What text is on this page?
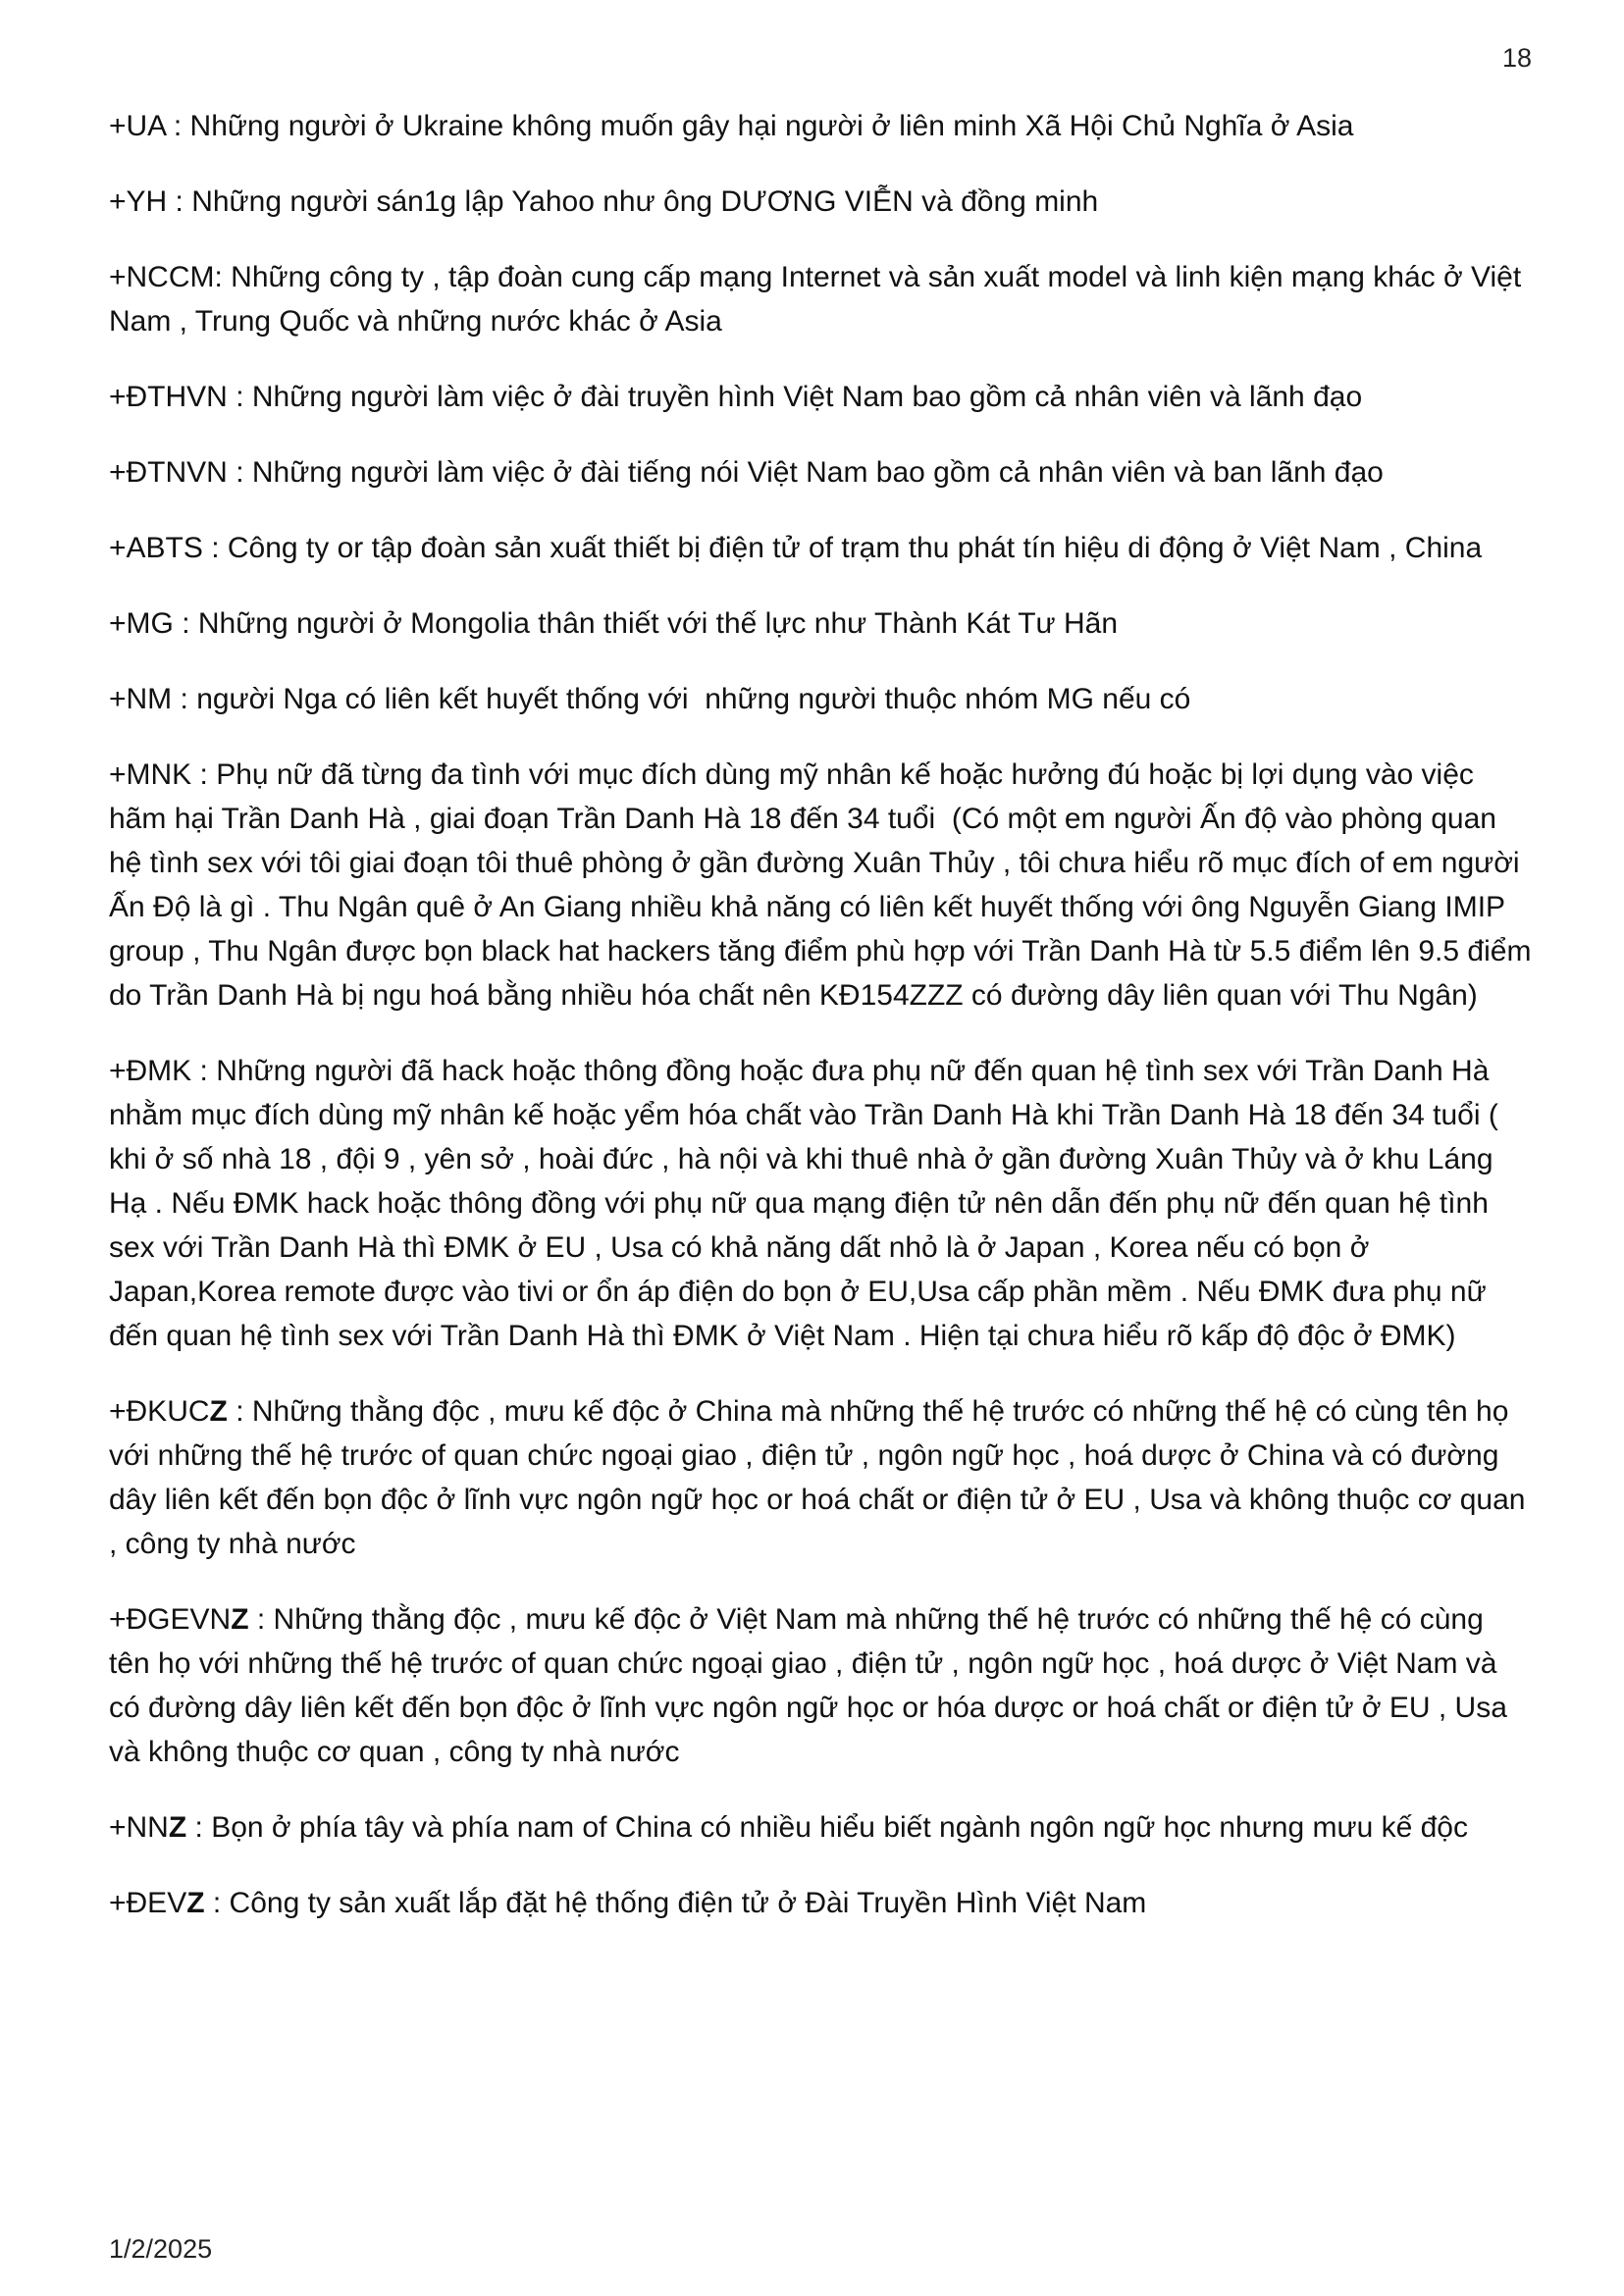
18

+UA : Những người ở Ukraine không muốn gây hại người ở liên minh Xã Hội Chủ Nghĩa ở Asia

+YH : Những người sán1g lập Yahoo như ông DƯƠNG VIỄN và đồng minh

+NCCM: Những công ty , tập đoàn cung cấp mạng Internet và sản xuất model và linh kiện mạng khác ở Việt Nam , Trung Quốc và những nước khác ở Asia

+ĐTHVN : Những người làm việc ở đài truyền hình Việt Nam bao gồm cả nhân viên và lãnh đạo

+ĐTNVN : Những người làm việc ở đài tiếng nói Việt Nam bao gồm cả nhân viên và ban lãnh đạo

+ABTS : Công ty or tập đoàn sản xuất thiết bị điện tử of trạm thu phát tín hiệu di động ở Việt Nam , China

+MG : Những người ở Mongolia thân thiết với thế lực như Thành Kát Tư Hãn

+NM : người Nga có liên kết huyết thống với  những người thuộc nhóm MG nếu có

+MNK : Phụ nữ đã từng đa tình với mục đích dùng mỹ nhân kế hoặc hưởng đú hoặc bị lợi dụng vào việc hãm hại Trần Danh Hà , giai đoạn Trần Danh Hà 18 đến 34 tuổi  (Có một em người Ấn độ vào phòng quan hệ tình sex với tôi giai đoạn tôi thuê phòng ở gần đường Xuân Thủy , tôi chưa hiểu rõ mục đích of em người Ấn Độ là gì . Thu Ngân quê ở An Giang nhiều khả năng có liên kết huyết thống với ông Nguyễn Giang IMIP group , Thu Ngân được bọn black hat hackers tăng điểm phù hợp với Trần Danh Hà từ 5.5 điểm lên 9.5 điểm do Trần Danh Hà bị ngu hoá bằng nhiều hóa chất nên KĐ154ZZZ có đường dây liên quan với Thu Ngân)

+ĐMK : Những người đã hack hoặc thông đồng hoặc đưa phụ nữ đến quan hệ tình sex với Trần Danh Hà nhằm mục đích dùng mỹ nhân kế hoặc yểm hóa chất vào Trần Danh Hà khi Trần Danh Hà 18 đến 34 tuổi ( khi ở số nhà 18 , đội 9 , yên sở , hoài đức , hà nội và khi thuê nhà ở gần đường Xuân Thủy và ở khu Láng Hạ . Nếu ĐMK hack hoặc thông đồng với phụ nữ qua mạng điện tử nên dẫn đến phụ nữ đến quan hệ tình sex với Trần Danh Hà thì ĐMK ở EU , Usa có khả năng dất nhỏ là ở Japan , Korea nếu có bọn ở Japan,Korea remote được vào tivi or ổn áp điện do bọn ở EU,Usa cấp phần mềm . Nếu ĐMK đưa phụ nữ đến quan hệ tình sex với Trần Danh Hà thì ĐMK ở Việt Nam . Hiện tại chưa hiểu rõ kấp độ độc ở ĐMK)

+ĐKUCZ : Những thằng độc , mưu kế độc ở China mà những thế hệ trước có những thế hệ có cùng tên họ với những thế hệ trước of quan chức ngoại giao , điện tử , ngôn ngữ học , hoá dược ở China và có đường dây liên kết đến bọn độc ở lĩnh vực ngôn ngữ học or hoá chất or điện tử ở EU , Usa và không thuộc cơ quan , công ty nhà nước

+ĐGEVNZ : Những thằng độc , mưu kế độc ở Việt Nam mà những thế hệ trước có những thế hệ có cùng tên họ với những thế hệ trước of quan chức ngoại giao , điện tử , ngôn ngữ học , hoá dược ở Việt Nam và có đường dây liên kết đến bọn độc ở lĩnh vực ngôn ngữ học or hóa dược or hoá chất or điện tử ở EU , Usa và không thuộc cơ quan , công ty nhà nước

+NNZ : Bọn ở phía tây và phía nam of China có nhiều hiểu biết ngành ngôn ngữ học nhưng mưu kế độc

+ĐEVZ : Công ty sản xuất lắp đặt hệ thống điện tử ở Đài Truyền Hình Việt Nam

1/2/2025
